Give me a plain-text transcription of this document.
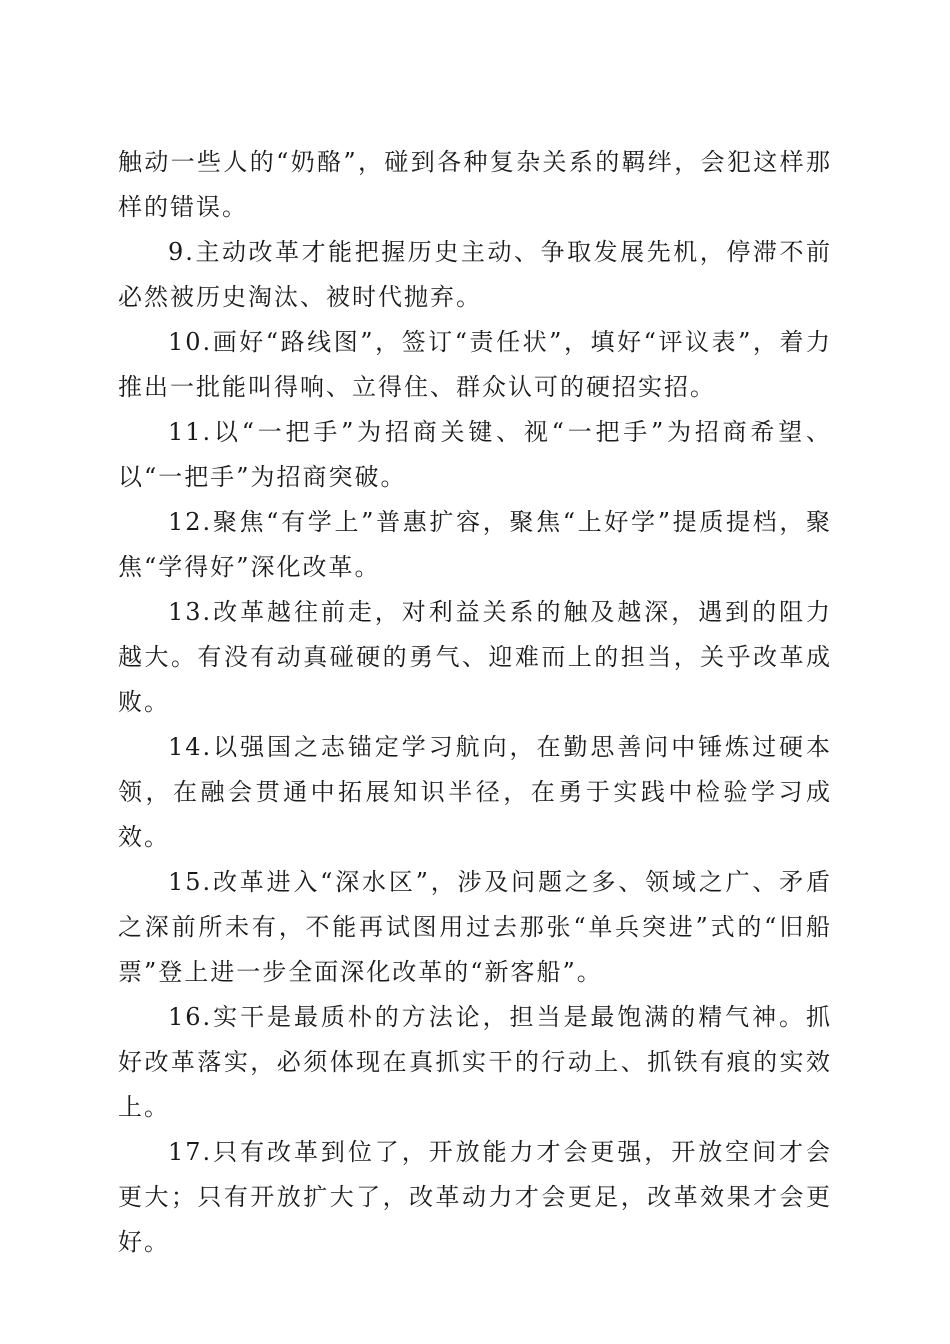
触动一些人的“奶酪”，碰到各种复杂关系的羁绊，会犯这样那样的错误。

9.主动改革才能把握历史主动、争取发展先机，停滞不前必然被历史淘汰、被时代抛弃。

10.画好“路线图”，签订“责任状”，填好“评议表”，着力推出一批能叫得响、立得住、群众认可的硬招实招。

11.以“一把手”为招商关键、视“一把手”为招商希望、以“一把手”为招商突破。

12.聚焦“有学上”普惠扩容，聚焦“上好学”提质提档，聚焦“学得好”深化改革。

13.改革越往前走，对利益关系的触及越深，遇到的阻力越大。有没有动真碰硬的勇气、迎难而上的担当，关乎改革成败。

14.以强国之志锚定学习航向，在勤思善问中锤炼过硬本领，在融会贯通中拓展知识半径，在勇于实践中检验学习成效。

15.改革进入“深水区”，涉及问题之多、领域之广、矛盾之深前所未有，不能再试图用过去那张“单兵突进”式的“旧船票”登上进一步全面深化改革的“新客船”。

16.实干是最质朴的方法论，担当是最饱满的精气神。抓好改革落实，必须体现在真抓实干的行动上、抓铁有痕的实效上。

17.只有改革到位了，开放能力才会更强，开放空间才会更大；只有开放扩大了，改革动力才会更足，改革效果才会更好。
